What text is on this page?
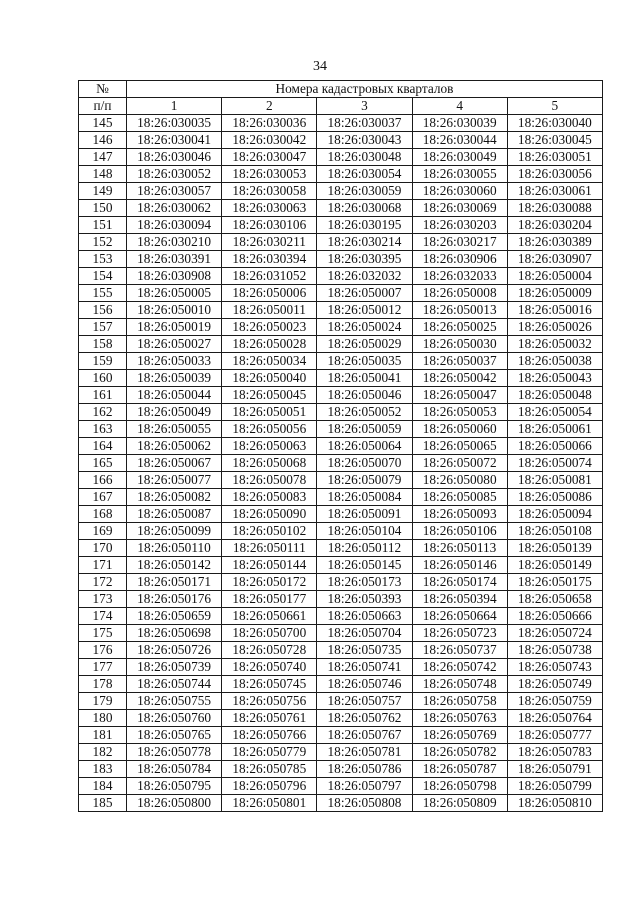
34
№	Номера кадастровых кварталов				
п/п	1	2	3	4	5
145	18:26:030035	18:26:030036	18:26:030037	18:26:030039	18:26:030040
146	18:26:030041	18:26:030042	18:26:030043	18:26:030044	18:26:030045
147	18:26:030046	18:26:030047	18:26:030048	18:26:030049	18:26:030051
148	18:26:030052	18:26:030053	18:26:030054	18:26:030055	18:26:030056
149	18:26:030057	18:26:030058	18:26:030059	18:26:030060	18:26:030061
150	18:26:030062	18:26:030063	18:26:030068	18:26:030069	18:26:030088
151	18:26:030094	18:26:030106	18:26:030195	18:26:030203	18:26:030204
152	18:26:030210	18:26:030211	18:26:030214	18:26:030217	18:26:030389
153	18:26:030391	18:26:030394	18:26:030395	18:26:030906	18:26:030907
154	18:26:030908	18:26:031052	18:26:032032	18:26:032033	18:26:050004
155	18:26:050005	18:26:050006	18:26:050007	18:26:050008	18:26:050009
156	18:26:050010	18:26:050011	18:26:050012	18:26:050013	18:26:050016
157	18:26:050019	18:26:050023	18:26:050024	18:26:050025	18:26:050026
158	18:26:050027	18:26:050028	18:26:050029	18:26:050030	18:26:050032
159	18:26:050033	18:26:050034	18:26:050035	18:26:050037	18:26:050038
160	18:26:050039	18:26:050040	18:26:050041	18:26:050042	18:26:050043
161	18:26:050044	18:26:050045	18:26:050046	18:26:050047	18:26:050048
162	18:26:050049	18:26:050051	18:26:050052	18:26:050053	18:26:050054
163	18:26:050055	18:26:050056	18:26:050059	18:26:050060	18:26:050061
164	18:26:050062	18:26:050063	18:26:050064	18:26:050065	18:26:050066
165	18:26:050067	18:26:050068	18:26:050070	18:26:050072	18:26:050074
166	18:26:050077	18:26:050078	18:26:050079	18:26:050080	18:26:050081
167	18:26:050082	18:26:050083	18:26:050084	18:26:050085	18:26:050086
168	18:26:050087	18:26:050090	18:26:050091	18:26:050093	18:26:050094
169	18:26:050099	18:26:050102	18:26:050104	18:26:050106	18:26:050108
170	18:26:050110	18:26:050111	18:26:050112	18:26:050113	18:26:050139
171	18:26:050142	18:26:050144	18:26:050145	18:26:050146	18:26:050149
172	18:26:050171	18:26:050172	18:26:050173	18:26:050174	18:26:050175
173	18:26:050176	18:26:050177	18:26:050393	18:26:050394	18:26:050658
174	18:26:050659	18:26:050661	18:26:050663	18:26:050664	18:26:050666
175	18:26:050698	18:26:050700	18:26:050704	18:26:050723	18:26:050724
176	18:26:050726	18:26:050728	18:26:050735	18:26:050737	18:26:050738
177	18:26:050739	18:26:050740	18:26:050741	18:26:050742	18:26:050743
178	18:26:050744	18:26:050745	18:26:050746	18:26:050748	18:26:050749
179	18:26:050755	18:26:050756	18:26:050757	18:26:050758	18:26:050759
180	18:26:050760	18:26:050761	18:26:050762	18:26:050763	18:26:050764
181	18:26:050765	18:26:050766	18:26:050767	18:26:050769	18:26:050777
182	18:26:050778	18:26:050779	18:26:050781	18:26:050782	18:26:050783
183	18:26:050784	18:26:050785	18:26:050786	18:26:050787	18:26:050791
184	18:26:050795	18:26:050796	18:26:050797	18:26:050798	18:26:050799
185	18:26:050800	18:26:050801	18:26:050808	18:26:050809	18:26:050810
